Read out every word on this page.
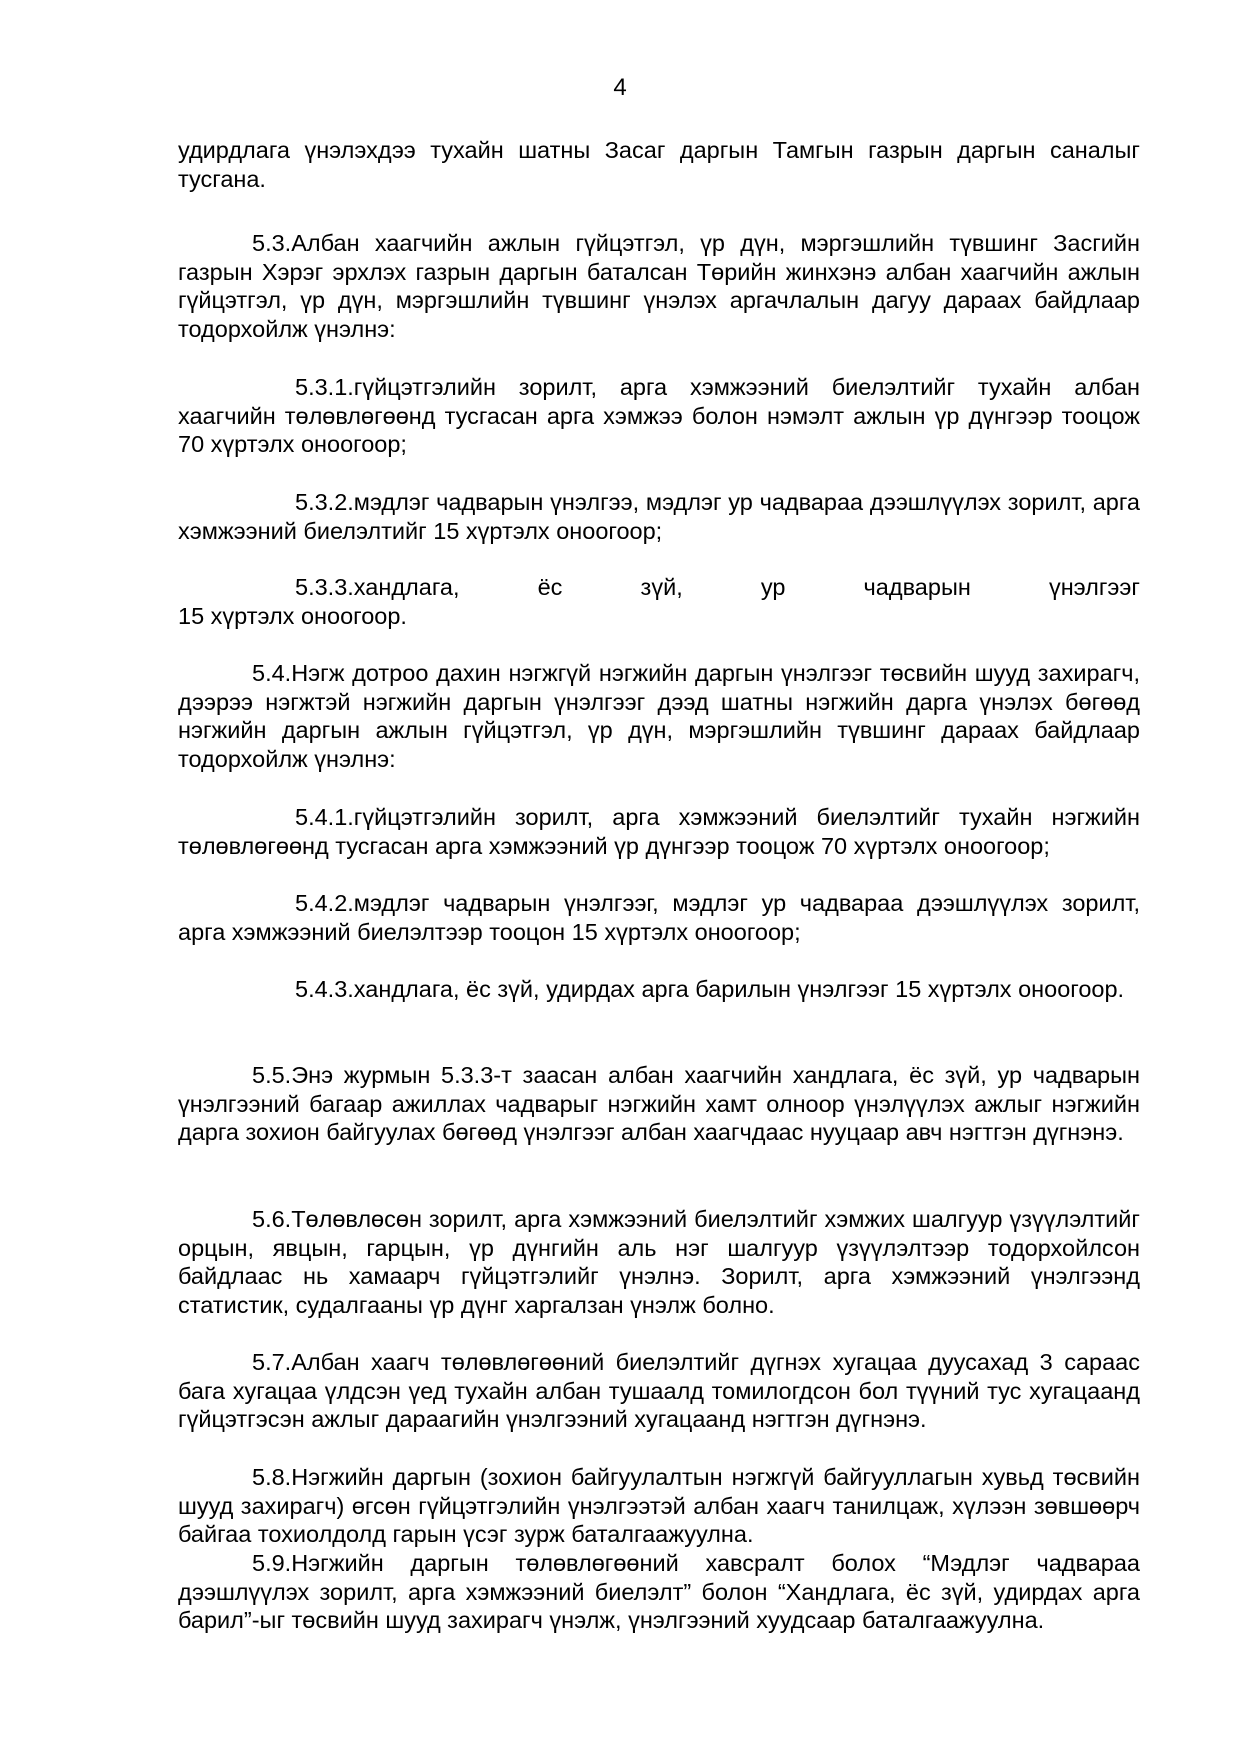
4

удирдлага үнэлэхдээ тухайн шатны Засаг даргын Тамгын газрын даргын саналыг тусгана.

5.3.Албан хаагчийн ажлын гүйцэтгэл, үр дүн, мэргэшлийн түвшинг Засгийн газрын Хэрэг эрхлэх газрын даргын баталсан Төрийн жинхэнэ албан хаагчийн ажлын гүйцэтгэл, үр дүн, мэргэшлийн түвшинг үнэлэх аргачлалын дагуу дараах байдлаар тодорхойлж үнэлнэ:

5.3.1.гүйцэтгэлийн зорилт, арга хэмжээний биелэлтийг тухайн албан хаагчийн төлөвлөгөөнд тусгасан арга хэмжээ болон нэмэлт ажлын үр дүнгээр тооцож 70 хүртэлх оноогоор;

5.3.2.мэдлэг чадварын үнэлгээ, мэдлэг ур чадвараа дээшлүүлэх зорилт, арга хэмжээний биелэлтийг 15 хүртэлх оноогоор;

5.3.3.хандлага, ёс зүй, ур чадварын үнэлгээг

15 хүртэлх оноогоор.

5.4.Нэгж дотроо дахин нэгжгүй нэгжийн даргын үнэлгээг төсвийн шууд захирагч, дээрээ нэгжтэй нэгжийн даргын үнэлгээг дээд шатны нэгжийн дарга үнэлэх бөгөөд нэгжийн даргын ажлын гүйцэтгэл, үр дүн, мэргэшлийн түвшинг дараах байдлаар тодорхойлж үнэлнэ:

5.4.1.гүйцэтгэлийн зорилт, арга хэмжээний биелэлтийг тухайн нэгжийн төлөвлөгөөнд тусгасан арга хэмжээний үр дүнгээр тооцож 70 хүртэлх оноогоор;

5.4.2.мэдлэг чадварын үнэлгээг, мэдлэг ур чадвараа дээшлүүлэх зорилт, арга хэмжээний биелэлтээр тооцон 15 хүртэлх оноогоор;

5.4.3.хандлага, ёс зүй, удирдах арга барилын үнэлгээг 15 хүртэлх оноогоор.

5.5.Энэ журмын 5.3.3-т заасан албан хаагчийн хандлага, ёс зүй, ур чадварын үнэлгээний багаар ажиллах чадварыг нэгжийн хамт олноор үнэлүүлэх ажлыг нэгжийн дарга зохион байгуулах бөгөөд үнэлгээг албан хаагчдаас нууцаар авч нэгтгэн дүгнэнэ.

5.6.Төлөвлөсөн зорилт, арга хэмжээний биелэлтийг хэмжих шалгуур үзүүлэлтийг орцын, явцын, гарцын, үр дүнгийн аль нэг шалгуур үзүүлэлтээр тодорхойлсон байдлаас нь хамаарч гүйцэтгэлийг үнэлнэ. Зорилт, арга хэмжээний үнэлгээнд статистик, судалгааны үр дүнг харгалзан үнэлж болно.

5.7.Албан хаагч төлөвлөгөөний биелэлтийг дүгнэх хугацаа дуусахад 3 сараас бага хугацаа үлдсэн үед тухайн албан тушаалд томилогдсон бол түүний тус хугацаанд гүйцэтгэсэн ажлыг дараагийн үнэлгээний хугацаанд нэгтгэн дүгнэнэ.

5.8.Нэгжийн даргын (зохион байгуулалтын нэгжгүй байгууллагын хувьд төсвийн шууд захирагч) өгсөн гүйцэтгэлийн үнэлгээтэй албан хаагч танилцаж, хүлээн зөвшөөрч байгаа тохиолдолд гарын үсэг зурж баталгаажуулна.

5.9.Нэгжийн даргын төлөвлөгөөний хавсралт болох “Мэдлэг чадвараа дээшлүүлэх зорилт, арга хэмжээний биелэлт” болон “Хандлага, ёс зүй, удирдах арга барил”-ыг төсвийн шууд захирагч үнэлж, үнэлгээний хуудсаар баталгаажуулна.
